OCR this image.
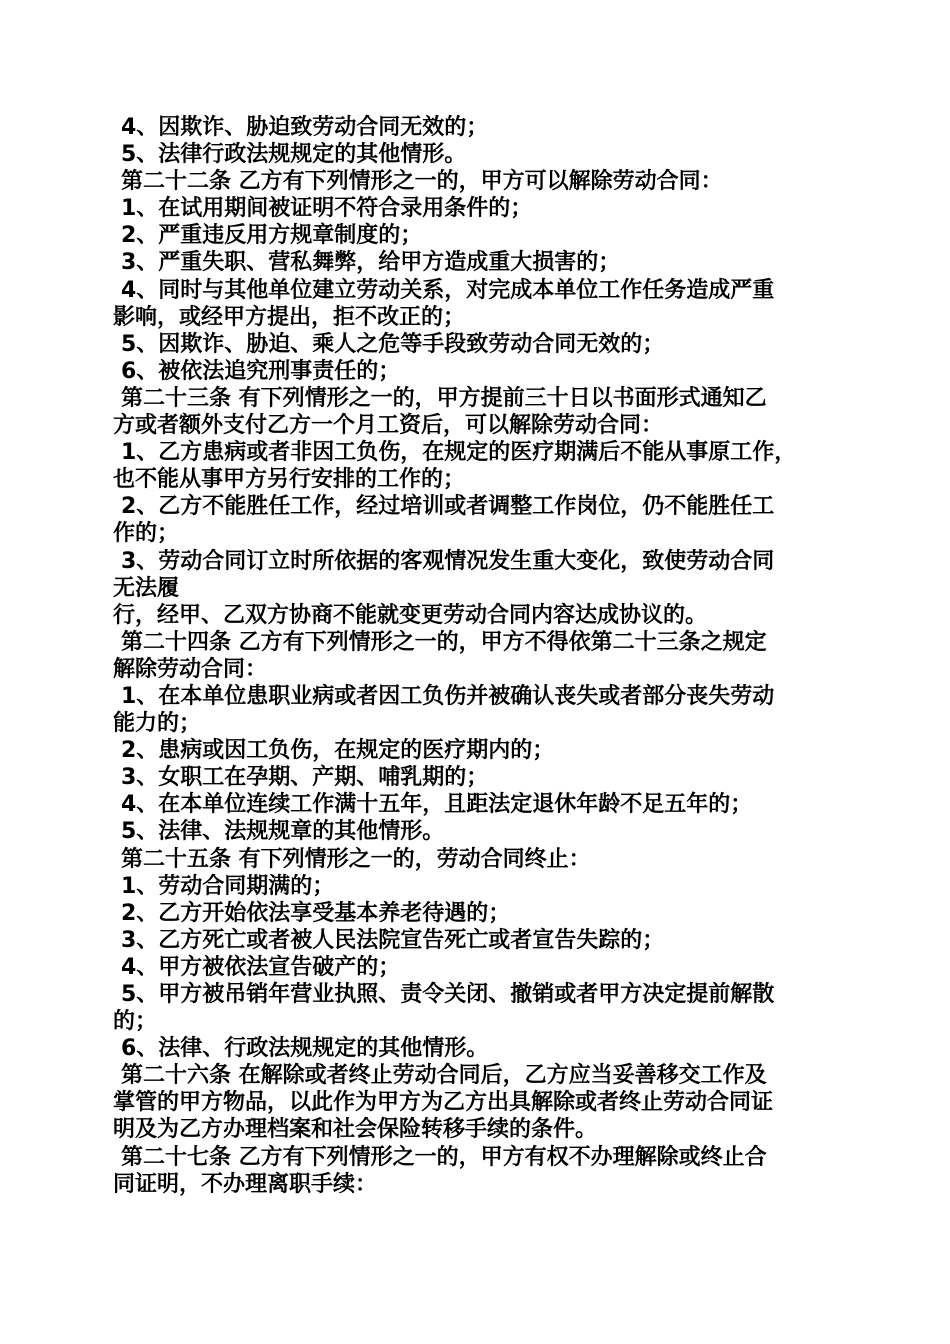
4、因欺诈、胁迫致劳动合同无效的；
5、法律行政法规规定的其他情形。
第二十二条 乙方有下列情形之一的，甲方可以解除劳动合同：
1、在试用期间被证明不符合录用条件的；
2、严重违反用方规章制度的；
3、严重失职、营私舞弊，给甲方造成重大损害的；
4、同时与其他单位建立劳动关系，对完成本单位工作任务造成严重
影响，或经甲方提出，拒不改正的；
5、因欺诈、胁迫、乘人之危等手段致劳动合同无效的；
6、被依法追究刑事责任的；
第二十三条 有下列情形之一的，甲方提前三十日以书面形式通知乙
方或者额外支付乙方一个月工资后，可以解除劳动合同：
1、乙方患病或者非因工负伤，在规定的医疗期满后不能从事原工作，
也不能从事甲方另行安排的工作的；
2、乙方不能胜任工作，经过培训或者调整工作岗位，仍不能胜任工
作的；
3、劳动合同订立时所依据的客观情况发生重大变化，致使劳动合同
无法履
行，经甲、乙双方协商不能就变更劳动合同内容达成协议的。
第二十四条 乙方有下列情形之一的，甲方不得依第二十三条之规定
解除劳动合同：
1、在本单位患职业病或者因工负伤并被确认丧失或者部分丧失劳动
能力的；
2、患病或因工负伤，在规定的医疗期内的；
3、女职工在孕期、产期、哺乳期的；
4、在本单位连续工作满十五年，且距法定退休年龄不足五年的；
5、法律、法规规章的其他情形。
第二十五条 有下列情形之一的，劳动合同终止：
1、劳动合同期满的；
2、乙方开始依法享受基本养老待遇的；
3、乙方死亡或者被人民法院宣告死亡或者宣告失踪的；
4、甲方被依法宣告破产的；
5、甲方被吊销年营业执照、责令关闭、撤销或者甲方决定提前解散
的；
6、法律、行政法规规定的其他情形。
第二十六条 在解除或者终止劳动合同后，乙方应当妥善移交工作及
掌管的甲方物品，以此作为甲方为乙方出具解除或者终止劳动合同证
明及为乙方办理档案和社会保险转移手续的条件。
第二十七条 乙方有下列情形之一的，甲方有权不办理解除或终止合
同证明，不办理离职手续：
